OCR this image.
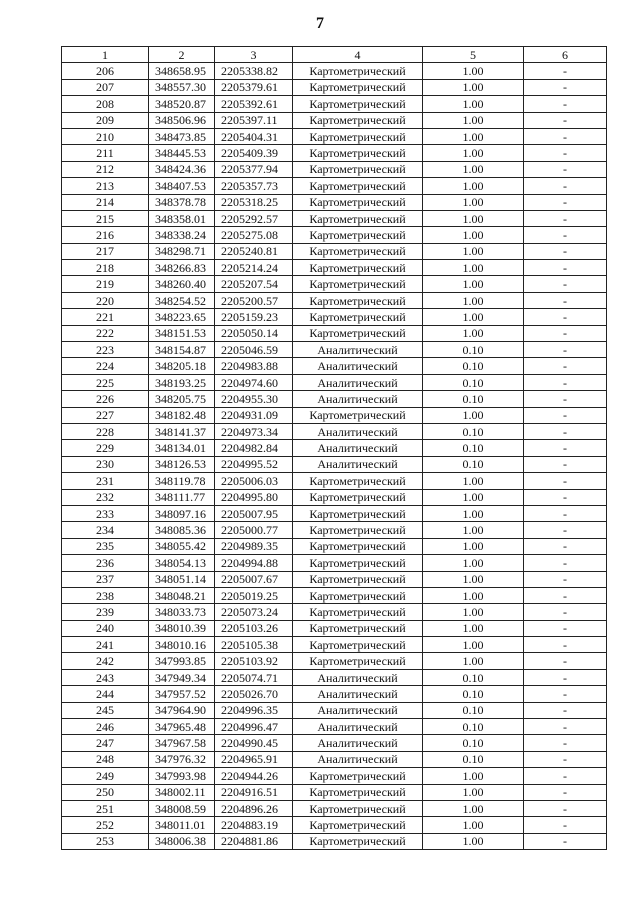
7
1	2	3	4	5	6
206	348658.95	2205338.82	Картометрический	1.00	-
207	348557.30	2205379.61	Картометрический	1.00	-
208	348520.87	2205392.61	Картометрический	1.00	-
209	348506.96	2205397.11	Картометрический	1.00	-
210	348473.85	2205404.31	Картометрический	1.00	-
211	348445.53	2205409.39	Картометрический	1.00	-
212	348424.36	2205377.94	Картометрический	1.00	-
213	348407.53	2205357.73	Картометрический	1.00	-
214	348378.78	2205318.25	Картометрический	1.00	-
215	348358.01	2205292.57	Картометрический	1.00	-
216	348338.24	2205275.08	Картометрический	1.00	-
217	348298.71	2205240.81	Картометрический	1.00	-
218	348266.83	2205214.24	Картометрический	1.00	-
219	348260.40	2205207.54	Картометрический	1.00	-
220	348254.52	2205200.57	Картометрический	1.00	-
221	348223.65	2205159.23	Картометрический	1.00	-
222	348151.53	2205050.14	Картометрический	1.00	-
223	348154.87	2205046.59	Аналитический	0.10	-
224	348205.18	2204983.88	Аналитический	0.10	-
225	348193.25	2204974.60	Аналитический	0.10	-
226	348205.75	2204955.30	Аналитический	0.10	-
227	348182.48	2204931.09	Картометрический	1.00	-
228	348141.37	2204973.34	Аналитический	0.10	-
229	348134.01	2204982.84	Аналитический	0.10	-
230	348126.53	2204995.52	Аналитический	0.10	-
231	348119.78	2205006.03	Картометрический	1.00	-
232	348111.77	2204995.80	Картометрический	1.00	-
233	348097.16	2205007.95	Картометрический	1.00	-
234	348085.36	2205000.77	Картометрический	1.00	-
235	348055.42	2204989.35	Картометрический	1.00	-
236	348054.13	2204994.88	Картометрический	1.00	-
237	348051.14	2205007.67	Картометрический	1.00	-
238	348048.21	2205019.25	Картометрический	1.00	-
239	348033.73	2205073.24	Картометрический	1.00	-
240	348010.39	2205103.26	Картометрический	1.00	-
241	348010.16	2205105.38	Картометрический	1.00	-
242	347993.85	2205103.92	Картометрический	1.00	-
243	347949.34	2205074.71	Аналитический	0.10	-
244	347957.52	2205026.70	Аналитический	0.10	-
245	347964.90	2204996.35	Аналитический	0.10	-
246	347965.48	2204996.47	Аналитический	0.10	-
247	347967.58	2204990.45	Аналитический	0.10	-
248	347976.32	2204965.91	Аналитический	0.10	-
249	347993.98	2204944.26	Картометрический	1.00	-
250	348002.11	2204916.51	Картометрический	1.00	-
251	348008.59	2204896.26	Картометрический	1.00	-
252	348011.01	2204883.19	Картометрический	1.00	-
253	348006.38	2204881.86	Картометрический	1.00	-
